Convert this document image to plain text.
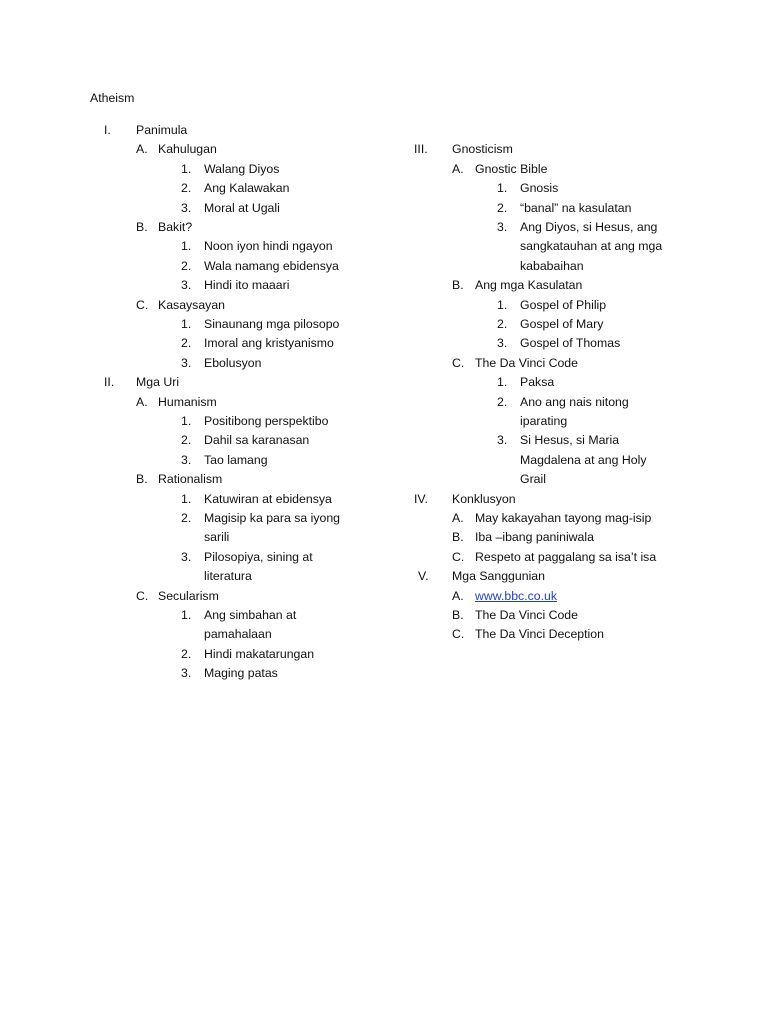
Atheism
I. Panimula
A. Kahulugan
1. Walang Diyos
2. Ang Kalawakan
3. Moral at Ugali
B. Bakit?
1. Noon iyon hindi ngayon
2. Wala namang ebidensya
3. Hindi ito maaari
C. Kasaysayan
1. Sinaunang mga pilosopo
2. Imoral ang kristyanismo
3. Ebolusyon
II. Mga Uri
A. Humanism
1. Positibong perspektibo
2. Dahil sa karanasan
3. Tao lamang
B. Rationalism
1. Katuwiran at ebidensya
2. Magisip ka para sa iyong
sarili
3. Pilosopiya, sining at
literatura
C. Secularism
1. Ang simbahan at
pamahalaan
2. Hindi makatarungan
3. Maging patas
III. Gnosticism
A. Gnostic Bible
1. Gnosis
2. “banal” na kasulatan
3. Ang Diyos, si Hesus, ang
sangkatauhan at ang mga
kababaihan
B. Ang mga Kasulatan
1. Gospel of Philip
2. Gospel of Mary
3. Gospel of Thomas
C. The Da Vinci Code
1. Paksa
2. Ano ang nais nitong
iparating
3. Si Hesus, si Maria
Magdalena at ang Holy
Grail
IV. Konklusyon
A. May kakayahan tayong mag-isip
B. Iba –ibang paniniwala
C. Respeto at paggalang sa isa’t isa
V. Mga Sanggunian
A. www.bbc.co.uk
B. The Da Vinci Code
C. The Da Vinci Deception
